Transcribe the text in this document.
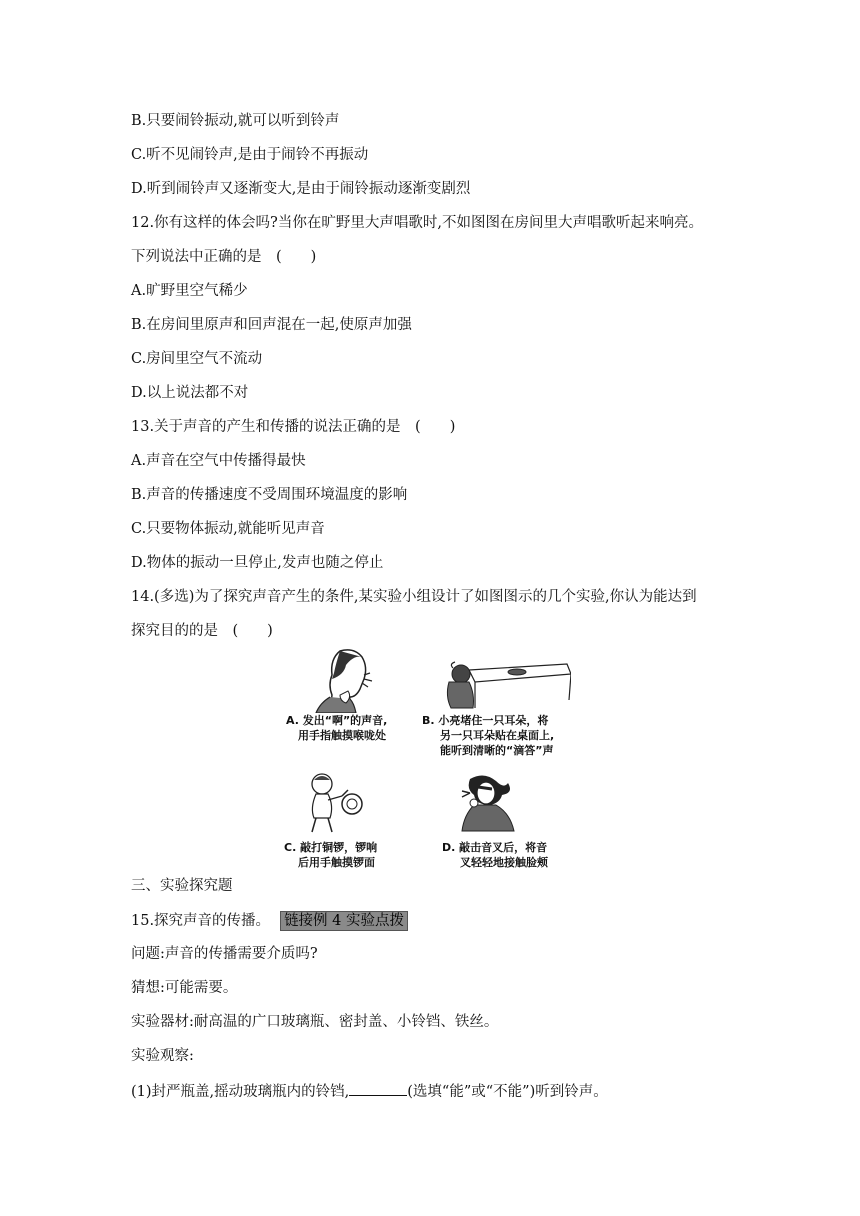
B.只要闹铃振动,就可以听到铃声
C.听不见闹铃声,是由于闹铃不再振动
D.听到闹铃声又逐渐变大,是由于闹铃振动逐渐变剧烈
12.你有这样的体会吗?当你在旷野里大声唱歌时,不如图图在房间里大声唱歌听起来响亮。
下列说法中正确的是　(　　)
A.旷野里空气稀少
B.在房间里原声和回声混在一起,使原声加强
C.房间里空气不流动
D.以上说法都不对
13.关于声音的产生和传播的说法正确的是　(　　)
A.声音在空气中传播得最快
B.声音的传播速度不受周围环境温度的影响
C.只要物体振动,就能听见声音
D.物体的振动一旦停止,发声也随之停止
14.(多选)为了探究声音产生的条件,某实验小组设计了如图图示的几个实验,你认为能达到
探究目的的是　(　　)
A. 发出“啊”的声音,
用手指触摸喉咙处
B. 小亮堵住一只耳朵，将
另一只耳朵贴在桌面上,
能听到清晰的“滴答”声
C. 敲打铜锣，锣响
后用手触摸锣面
D. 敲击音叉后，将音
叉轻轻地接触脸颊
三、实验探究题
15.探究声音的传播。 链接例 4 实验点拨
问题:声音的传播需要介质吗?
猜想:可能需要。
实验器材:耐高温的广口玻璃瓶、密封盖、小铃铛、铁丝。
实验观察:
(1)封严瓶盖,摇动玻璃瓶内的铃铛,	(选填“能”或“不能”)听到铃声。
